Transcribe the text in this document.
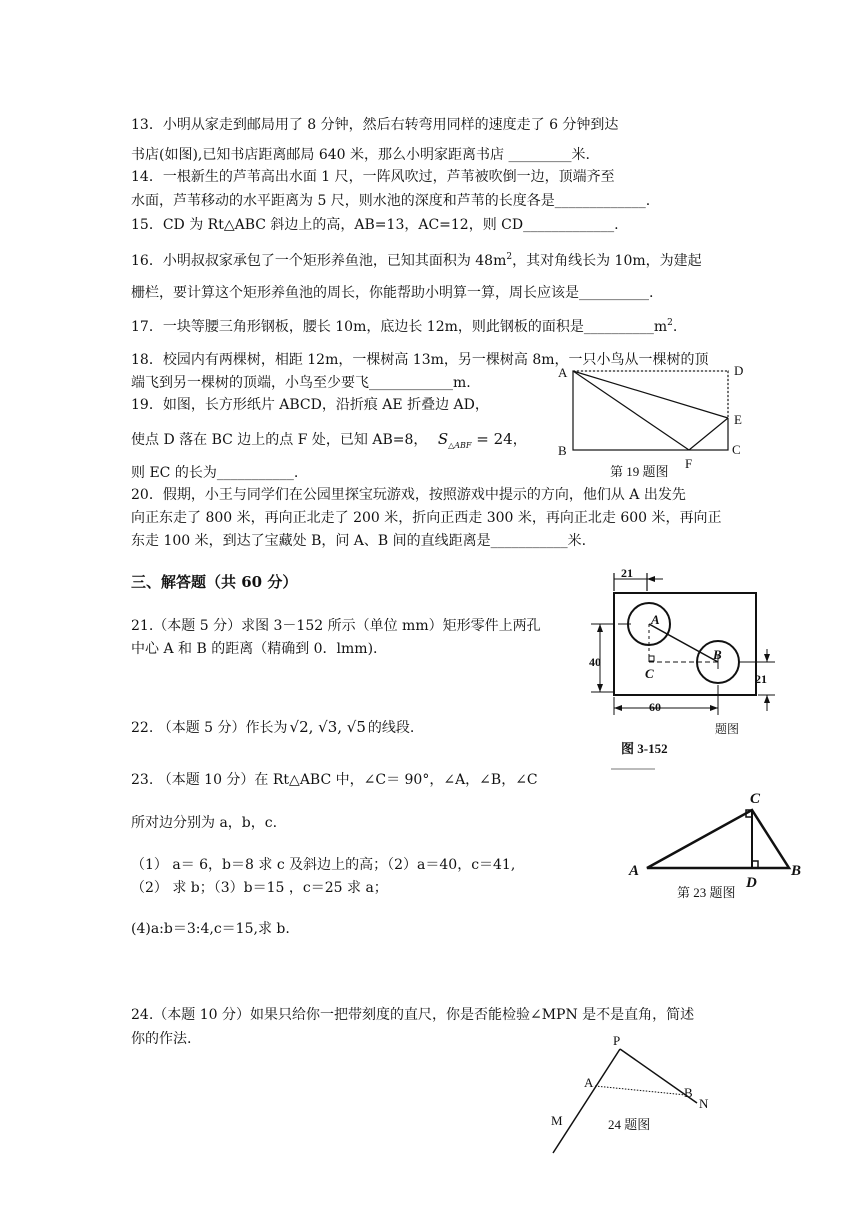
13．小明从家走到邮局用了 8 分钟，然后右转弯用同样的速度走了 6 分钟到达
书店(如图),已知书店距离邮局 640 米，那么小明家距离书店 _________米.
14．一根新生的芦苇高出水面 1 尺，一阵风吹过，芦苇被吹倒一边，顶端齐至
水面，芦苇移动的水平距离为 5 尺，则水池的深度和芦苇的长度各是_____________.
15．CD 为 Rt△ABC 斜边上的高，AB=13，AC=12，则 CD_____________.
16．小明叔叔家承包了一个矩形养鱼池，已知其面积为 $48m^2$，其对角线长为 10m，为建起
栅栏，要计算这个矩形养鱼池的周长，你能帮助小明算一算，周长应该是__________.
17．一块等腰三角形钢板，腰长 10m，底边长 12m，则此钢板的面积是$\_\_\_\_\_\_\_\_\_\_m^2$.
18．校园内有两棵树，相距 12m，一棵树高 13m，另一棵树高 8m，一只小鸟从一棵树的顶
端飞到另一棵树的顶端，小鸟至少要飞____________m.
19．如图，长方形纸片 ABCD，沿折痕 AE 折叠边 AD，
使点 D 落在 BC 边上的点 F 处，已知 AB=8， $S_{\triangle ABF} = 24$，
则 EC 的长为___________.
A	D
E
B	C
F
第 19 题图
20．假期，小王与同学们在公园里探宝玩游戏，按照游戏中提示的方向，他们从 A 出发先
向正东走了 800 米，再向正北走了 200 米，折向正西走 300 米，再向正北走 600 米，再向正
东走 100 米，到达了宝藏处 B，问 A、B 间的直线距离是___________米.
三、解答题（共 60 分）
21.（本题 5 分）求图 3－152 所示（单位 mm）矩形零件上两孔
中心 A 和 B 的距离（精确到 0．lmm).
21
A
B
C
40
60
21
题图
图 3-152
22. （本题 5 分）作长为 √2, √3, √5 的线段.
23. （本题 10 分）在 Rt△ABC 中，∠C＝ 90°，∠A，∠B，∠C
所对边分别为 a，b，c.
（1） a＝ 6，b＝8 求 c 及斜边上的高；（2）a＝40，c＝41,
（2） 求 b；（3）b＝15 ，c＝25 求 a；
(4)a:b＝3:4,c＝15,求 b.
C
A	B
D
第 23 题图
24.（本题 10 分）如果只给你一把带刻度的直尺，你是否能检验∠MPN 是不是直角，简述
你的作法.	P
A
B
N
M	24 题图
